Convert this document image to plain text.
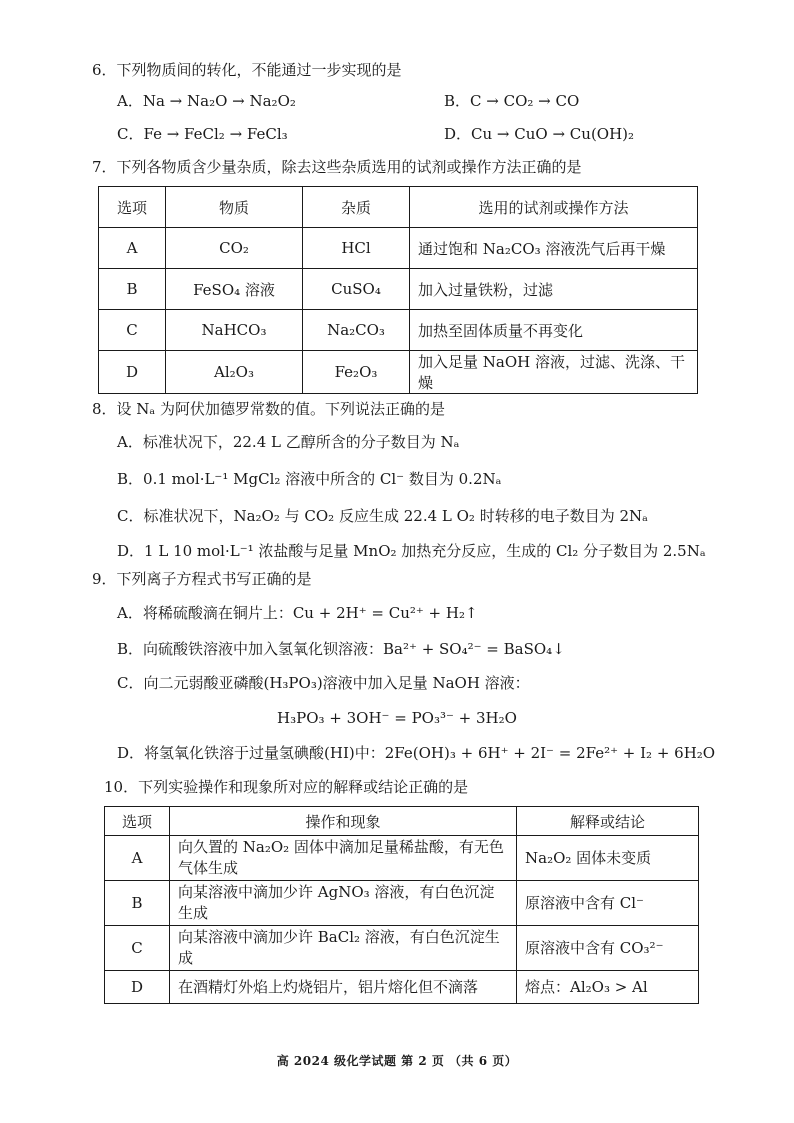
6．下列物质间的转化，不能通过一步实现的是
A．Na → Na₂O → Na₂O₂	B．C → CO₂ → CO
C．Fe → FeCl₂ → FeCl₃	D．Cu → CuO → Cu(OH)₂
7．下列各物质含少量杂质，除去这些杂质选用的试剂或操作方法正确的是
选项	物质	杂质	选用的试剂或操作方法
A	CO₂	HCl	通过饱和 Na₂CO₃ 溶液洗气后再干燥
B	FeSO₄ 溶液	CuSO₄	加入过量铁粉，过滤
C	NaHCO₃	Na₂CO₃	加热至固体质量不再变化
D	Al₂O₃	Fe₂O₃	加入足量 NaOH 溶液，过滤、洗涤、干燥
8．设 Nₐ 为阿伏加德罗常数的值。下列说法正确的是
A．标准状况下，22.4 L 乙醇所含的分子数目为 Nₐ
B．0.1 mol·L⁻¹ MgCl₂ 溶液中所含的 Cl⁻ 数目为 0.2Nₐ
C．标准状况下，Na₂O₂ 与 CO₂ 反应生成 22.4 L O₂ 时转移的电子数目为 2Nₐ
D．1 L 10 mol·L⁻¹ 浓盐酸与足量 MnO₂ 加热充分反应，生成的 Cl₂ 分子数目为 2.5Nₐ
9．下列离子方程式书写正确的是
A．将稀硫酸滴在铜片上：Cu + 2H⁺ = Cu²⁺ + H₂↑
B．向硫酸铁溶液中加入氢氧化钡溶液：Ba²⁺ + SO₄²⁻ = BaSO₄↓
C．向二元弱酸亚磷酸(H₃PO₃)溶液中加入足量 NaOH 溶液：
H₃PO₃ + 3OH⁻ = PO₃³⁻ + 3H₂O
D．将氢氧化铁溶于过量氢碘酸(HI)中：2Fe(OH)₃ + 6H⁺ + 2I⁻ = 2Fe²⁺ + I₂ + 6H₂O
10．下列实验操作和现象所对应的解释或结论正确的是
选项	操作和现象	解释或结论
A	向久置的 Na₂O₂ 固体中滴加足量稀盐酸，有无色气体生成	Na₂O₂ 固体未变质
B	向某溶液中滴加少许 AgNO₃ 溶液，有白色沉淀生成	原溶液中含有 Cl⁻
C	向某溶液中滴加少许 BaCl₂ 溶液，有白色沉淀生成	原溶液中含有 CO₃²⁻
D	在酒精灯外焰上灼烧铝片，铝片熔化但不滴落	熔点：Al₂O₃ > Al
高 2024 级化学试题 第 2 页 （共 6 页）
